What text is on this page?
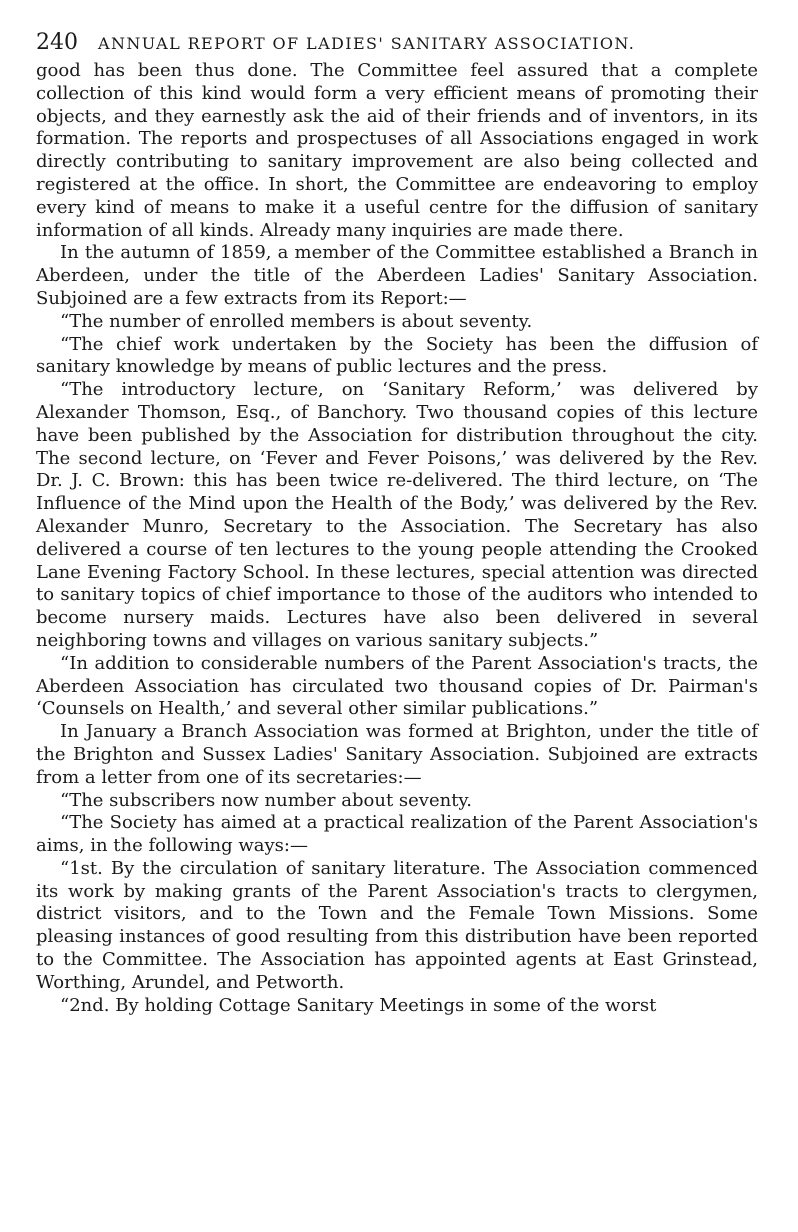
240 ANNUAL REPORT OF LADIES' SANITARY ASSOCIATION.

good has been thus done. The Committee feel assured that a complete collection of this kind would form a very efficient means of promoting their objects, and they earnestly ask the aid of their friends and of inventors, in its formation. The reports and prospectuses of all Associations engaged in work directly contributing to sanitary improvement are also being collected and registered at the office. In short, the Committee are endeavoring to employ every kind of means to make it a useful centre for the diffusion of sanitary information of all kinds. Already many inquiries are made there.

In the autumn of 1859, a member of the Committee established a Branch in Aberdeen, under the title of the Aberdeen Ladies' Sanitary Association. Subjoined are a few extracts from its Report:—

“The number of enrolled members is about seventy.

“The chief work undertaken by the Society has been the diffusion of sanitary knowledge by means of public lectures and the press.

“The introductory lecture, on ‘Sanitary Reform,’ was delivered by Alexander Thomson, Esq., of Banchory. Two thousand copies of this lecture have been published by the Association for distribution throughout the city. The second lecture, on ‘Fever and Fever Poisons,’ was delivered by the Rev. Dr. J. C. Brown: this has been twice re-delivered. The third lecture, on ‘The Influence of the Mind upon the Health of the Body,’ was delivered by the Rev. Alexander Munro, Secretary to the Association. The Secretary has also delivered a course of ten lectures to the young people attending the Crooked Lane Evening Factory School. In these lectures, special attention was directed to sanitary topics of chief importance to those of the auditors who intended to become nursery maids. Lectures have also been delivered in several neighboring towns and villages on various sanitary subjects.”

“In addition to considerable numbers of the Parent Association's tracts, the Aberdeen Association has circulated two thousand copies of Dr. Pairman's ‘Counsels on Health,’ and several other similar publications.”

In January a Branch Association was formed at Brighton, under the title of the Brighton and Sussex Ladies' Sanitary Association. Subjoined are extracts from a letter from one of its secretaries:—

“The subscribers now number about seventy.

“The Society has aimed at a practical realization of the Parent Association's aims, in the following ways:—

“1st. By the circulation of sanitary literature. The Association commenced its work by making grants of the Parent Association's tracts to clergymen, district visitors, and to the Town and the Female Town Missions. Some pleasing instances of good resulting from this distribution have been reported to the Committee. The Association has appointed agents at East Grinstead, Worthing, Arundel, and Petworth.

“2nd. By holding Cottage Sanitary Meetings in some of the worst
